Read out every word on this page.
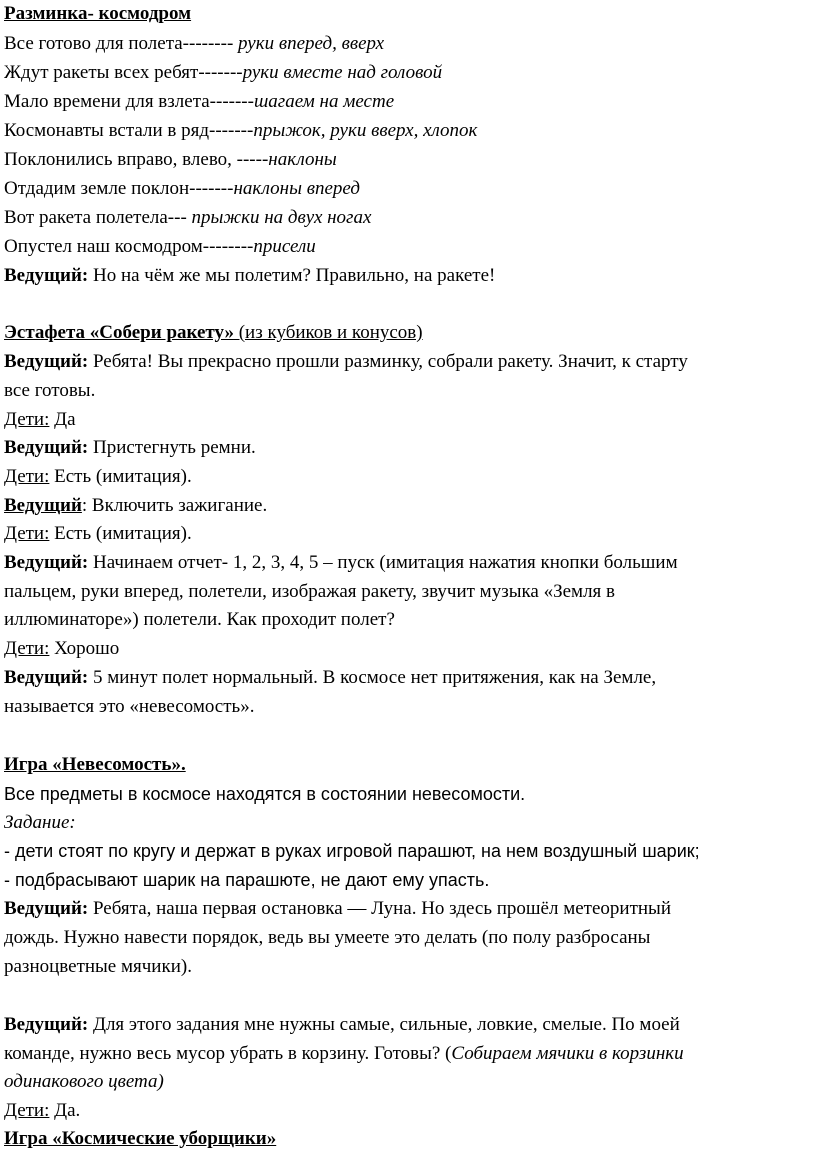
Разминка- космодром
Все готово для полета-------- руки вперед, вверх
Ждут ракеты всех ребят-------руки вместе над головой
Мало времени для взлета-------шагаем на месте
Космонавты встали в ряд-------прыжок, руки вверх, хлопок
Поклонились вправо, влево, -----наклоны
Отдадим земле поклон-------наклоны вперед
Вот ракета полетела--- прыжки на двух ногах
Опустел наш космодром--------присели
Ведущий: Но на чём же мы полетим? Правильно, на ракете!
Эстафета «Собери ракету» (из кубиков и конусов)
Ведущий: Ребята! Вы прекрасно прошли разминку, собрали ракету. Значит, к старту
все готовы.
Дети: Да
Ведущий: Пристегнуть ремни.
Дети: Есть (имитация).
Ведущий: Включить зажигание.
Дети: Есть (имитация).
Ведущий: Начинаем отчет- 1, 2, 3, 4, 5 – пуск (имитация нажатия кнопки большим
пальцем, руки вперед, полетели, изображая ракету, звучит музыка «Земля в
иллюминаторе») полетели. Как проходит полет?
Дети: Хорошо
Ведущий: 5 минут полет нормальный. В космосе нет притяжения, как на Земле,
называется это «невесомость».
Игра «Невесомость».
Все предметы в космосе находятся в состоянии невесомости.
Задание:
- дети стоят по кругу и держат в руках игровой парашют, на нем воздушный шарик;
- подбрасывают шарик на парашюте, не дают ему упасть.
Ведущий: Ребята, наша первая остановка — Луна. Но здесь прошёл метеоритный
дождь. Нужно навести порядок, ведь вы умеете это делать (по полу разбросаны
разноцветные мячики).
Ведущий: Для этого задания мне нужны самые, сильные, ловкие, смелые. По моей
команде, нужно весь мусор убрать в корзину. Готовы? (Собираем мячики в корзинки
одинакового цвета)
Дети: Да.
Игра «Космические уборщики»
